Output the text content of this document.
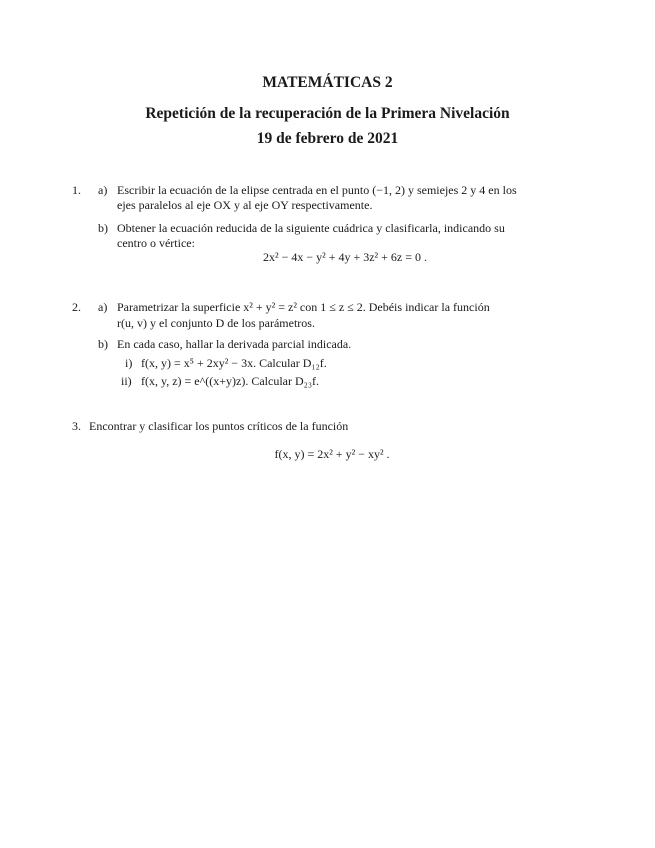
MATEMÁTICAS 2
Repetición de la recuperación de la Primera Nivelación
19 de febrero de 2021
1. a) Escribir la ecuación de la elipse centrada en el punto (−1, 2) y semiejes 2 y 4 en los
ejes paralelos al eje OX y al eje OY respectivamente.
b) Obtener la ecuación reducida de la siguiente cuádrica y clasificarla, indicando su
centro o vértice:
2x² − 4x − y² + 4y + 3z² + 6z = 0 .
2. a) Parametrizar la superficie x² + y² = z² con 1 ≤ z ≤ 2. Debéis indicar la función
r(u, v) y el conjunto D de los parámetros.
b) En cada caso, hallar la derivada parcial indicada.
i) f(x, y) = x⁵ + 2xy² − 3x. Calcular D₁₂f.
ii) f(x, y, z) = e^((x+y)z). Calcular D₂₃f.
3. Encontrar y clasificar los puntos críticos de la función
f(x, y) = 2x² + y² − xy² .
